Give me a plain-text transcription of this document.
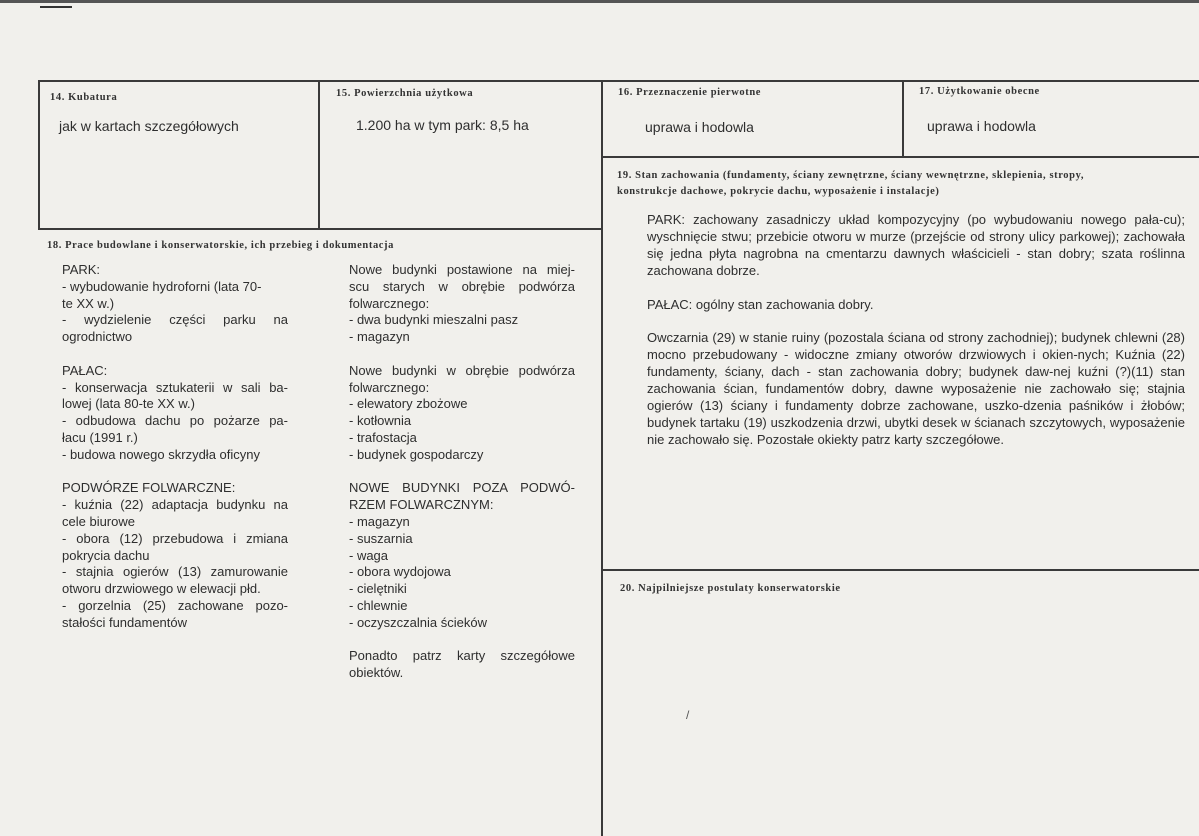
14. Kubatura
jak w kartach szczegółowych
15. Powierzchnia użytkowa
1.200 ha w tym park: 8,5 ha
16. Przeznaczenie pierwotne
uprawa i hodowla
17. Użytkowanie obecne
uprawa i hodowla
18. Prace budowlane i konserwatorskie, ich przebieg i dokumentacja

PARK:

- wybudowanie hydroforni (lata 70-

te XX w.)

- wydzielenie części parku na

ogrodnictwo

PAŁAC:

- konserwacja sztukaterii w sali ba-

lowej (lata 80-te XX w.)

- odbudowa dachu po pożarze pa-

łacu (1991 r.)

- budowa nowego skrzydła oficyny

PODWÓRZE FOLWARCZNE:

- kuźnia (22) adaptacja budynku na

cele biurowe

- obora (12) przebudowa i zmiana

pokrycia dachu

- stajnia ogierów (13) zamurowanie

otworu drzwiowego w elewacji płd.

- gorzelnia (25) zachowane pozo-

stałości fundamentów

Nowe budynki postawione na miej-

scu starych w obrębie podwórza

folwarcznego:

- dwa budynki mieszalni pasz

- magazyn

Nowe budynki w obrębie podwórza

folwarcznego:

- elewatory zbożowe

- kotłownia

- trafostacja

- budynek gospodarczy

NOWE BUDYNKI POZA PODWÓ-

RZEM FOLWARCZNYM:

- magazyn

- suszarnia

- waga

- obora wydojowa

- cielętniki

- chlewnie

- oczyszczalnia ścieków

Ponadto patrz karty szczegółowe

obiektów.

19. Stan zachowania (fundamenty, ściany zewnętrzne, ściany wewnętrzne, sklepienia, stropy,
konstrukcje dachowe, pokrycie dachu, wyposażenie i instalacje)

PARK: zachowany zasadniczy układ kompozycyjny (po wybudowaniu nowego pała-cu); wyschnięcie stwu; przebicie otworu w murze (przejście od strony ulicy parkowej); zachowała się jedna płyta nagrobna na cmentarzu dawnych właścicieli - stan dobry; szata roślinna zachowana dobrze.

PAŁAC: ogólny stan zachowania dobry.

Owczarnia (29) w stanie ruiny (pozostala ściana od strony zachodniej); budynek chlewni (28) mocno przebudowany - widoczne zmiany otworów drzwiowych i okien-nych; Kuźnia (22) fundamenty, ściany, dach - stan zachowania dobry; budynek daw-nej kuźni (?)(11) stan zachowania ścian, fundamentów dobry, dawne wyposażenie nie zachowało się; stajnia ogierów (13) ściany i fundamenty dobrze zachowane, uszko-dzenia paśników i żłobów; budynek tartaku (19) uszkodzenia drzwi, ubytki desek w ścianach szczytowych, wyposażenie nie zachowało się. Pozostałe okiekty patrz karty szczegółowe.

20. Najpilniejsze postulaty konserwatorskie
/
